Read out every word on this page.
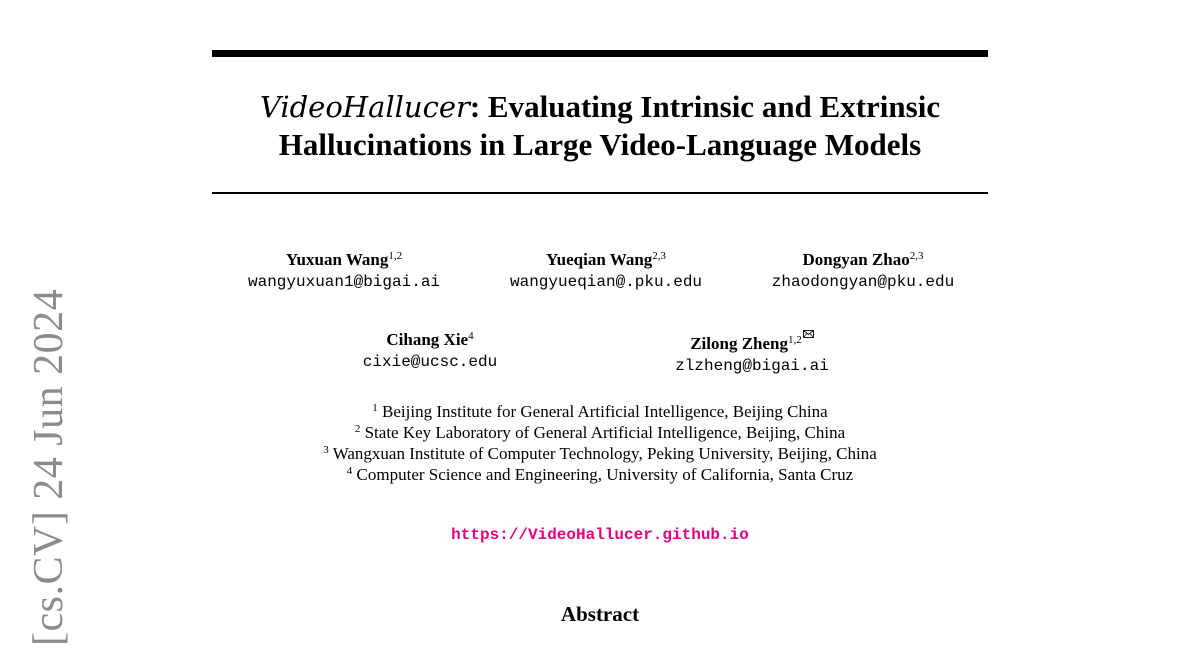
[cs.CV] 24 Jun 2024
VideoHallucer: Evaluating Intrinsic and Extrinsic
Hallucinations in Large Video-Language Models
Yuxuan Wang$^{1,2}$
wangyuxuan1@bigai.ai
Yueqian Wang$^{2,3}$
wangyueqian@.pku.edu
Dongyan Zhao$^{2,3}$
zhaodongyan@pku.edu
Cihang Xie$^4$
cixie@ucsc.edu
Zilong Zheng$^{1,2}$
zlzheng@bigai.ai
$^1$ Beijing Institute for General Artificial Intelligence, Beijing China
$^2$ State Key Laboratory of General Artificial Intelligence, Beijing, China
$^3$ Wangxuan Institute of Computer Technology, Peking University, Beijing, China
$^4$ Computer Science and Engineering, University of California, Santa Cruz
https://VideoHallucer.github.io
Abstract
